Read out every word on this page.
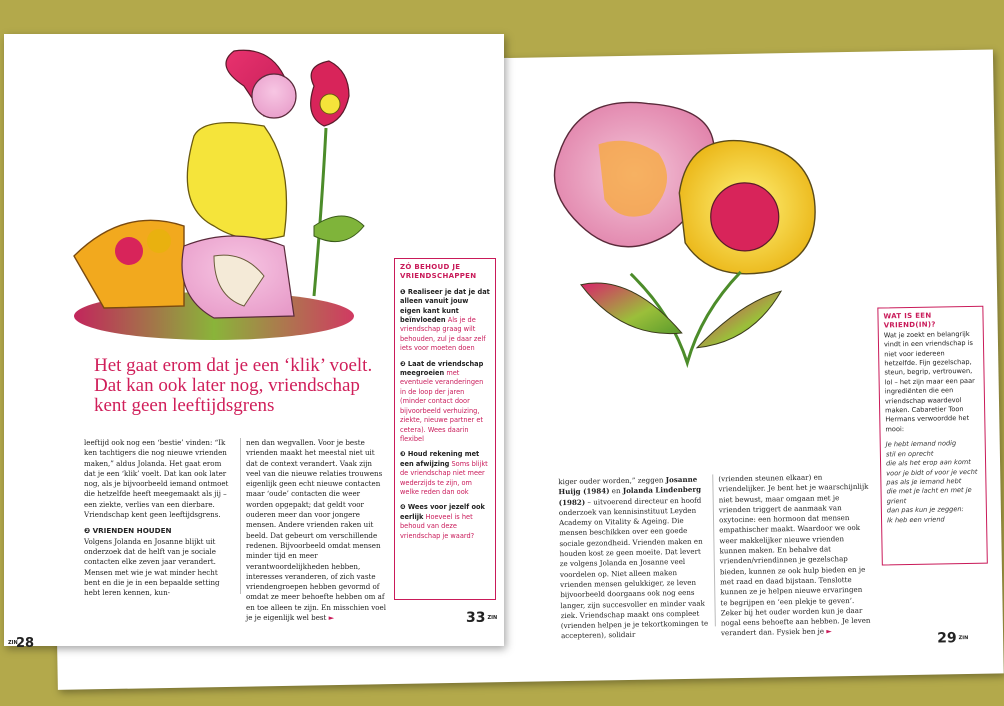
kiger ouder worden,” zeggen Josanne Huijg (1984) en Jolanda Lindenberg (1982) – uitvoerend directeur en hoofd onderzoek van kennisinstituut Leyden Academy on Vitality & Ageing. Die mensen beschikken over een goede sociale gezondheid. Vrienden maken en houden kost ze geen moeite. Dat levert ze volgens Jolanda en Josanne veel voordelen op. Niet alleen maken vrienden mensen gelukkiger, ze leven bijvoorbeeld doorgaans ook nog eens langer, zijn succesvoller en minder vaak ziek. Vriendschap maakt ons compleet (vrienden helpen je je tekortkomingen te accepteren), solidair
(vrienden steunen elkaar) en vriendelijker. Je bent het je waarschijnlijk niet bewust, maar omgaan met je vrienden triggert de aanmaak van oxytocine: een hormoon dat mensen empathischer maakt. Waardoor we ook weer makkelijker nieuwe vrienden kunnen maken. En behalve dat vrienden/vriendinnen je gezelschap bieden, kunnen ze ook hulp bieden en je met raad en daad bijstaan. Tenslotte kunnen ze je helpen nieuwe ervaringen te begrijpen en ‘een plekje te geven’. Zeker bij het ouder worden kun je daar nogal eens behoefte aan hebben. Je leven verandert dan. Fysiek ben je ►
WAT IS EEN VRIEND(IN)?
Wat je zoekt en belangrijk vindt in een vriendschap is niet voor iedereen hetzelfde. Fijn gezelschap, steun, begrip, vertrouwen, lol – het zijn maar een paar ingrediënten die een vriendschap waardevol maken. Cabaretier Toon Hermans verwoordde het mooi:
Je hebt iemand nodig
stil en oprecht
die als het erop aan komt
voor je bidt of voor je vecht
pas als je iemand hebt
die met je lacht en met je grient
dan pas kun je zeggen:
Ik heb een vriend
29 ZIN
ZIN28
Het gaat erom dat je een ‘klik’ voelt.
Dat kan ook later nog, vriendschap
kent geen leeftijdsgrens
leeftijd ook nog een ‘bestie’ vinden: “Ik ken tachtigers die nog nieuwe vrienden maken,” aldus Jolanda. Het gaat erom dat je een ‘klik’ voelt. Dat kan ook later nog, als je bijvoorbeeld iemand ontmoet die hetzelfde heeft meegemaakt als jij – een ziekte, verlies van een dierbare. Vriendschap kent geen leeftijdsgrens.
❷ VRIENDEN HOUDEN
Volgens Jolanda en Josanne blijkt uit onderzoek dat de helft van je sociale contacten elke zeven jaar verandert. Mensen met wie je wat minder hecht bent en die je in een bepaalde setting hebt leren kennen, kun-
nen dan wegvallen. Voor je beste vrienden maakt het meestal niet uit dat de context verandert. Vaak zijn veel van die nieuwe relaties trouwens eigenlijk geen echt nieuwe contacten maar ‘oude’ contacten die weer worden opgepakt; dat geldt voor ouderen meer dan voor jongere mensen. Andere vrienden raken uit beeld. Dat gebeurt om verschillende redenen. Bijvoorbeeld omdat mensen minder tijd en meer verantwoordelijkheden hebben, interesses veranderen, of zich vaste vriendengroepen hebben gevormd of omdat ze meer behoefte hebben om af en toe alleen te zijn. En misschien voel je je eigenlijk wel best ►
ZÓ BEHOUD JE VRIENDSCHAPPEN
❶ Realiseer je dat je dat alleen vanuit jouw eigen kant kunt beïnvloeden Als je de vriendschap graag wilt behouden, zul je daar zelf iets voor moeten doen
❷ Laat de vriendschap meegroeien met eventuele veranderingen in de loop der jaren (minder contact door bijvoorbeeld verhuizing, ziekte, nieuwe partner et cetera). Wees daarin flexibel
❸ Houd rekening met een afwijzing Soms blijkt de vriendschap niet meer wederzijds te zijn, om welke reden dan ook
❹ Wees voor jezelf ook eerlijk Hoeveel is het behoud van deze vriendschap je waard?
33 ZIN
